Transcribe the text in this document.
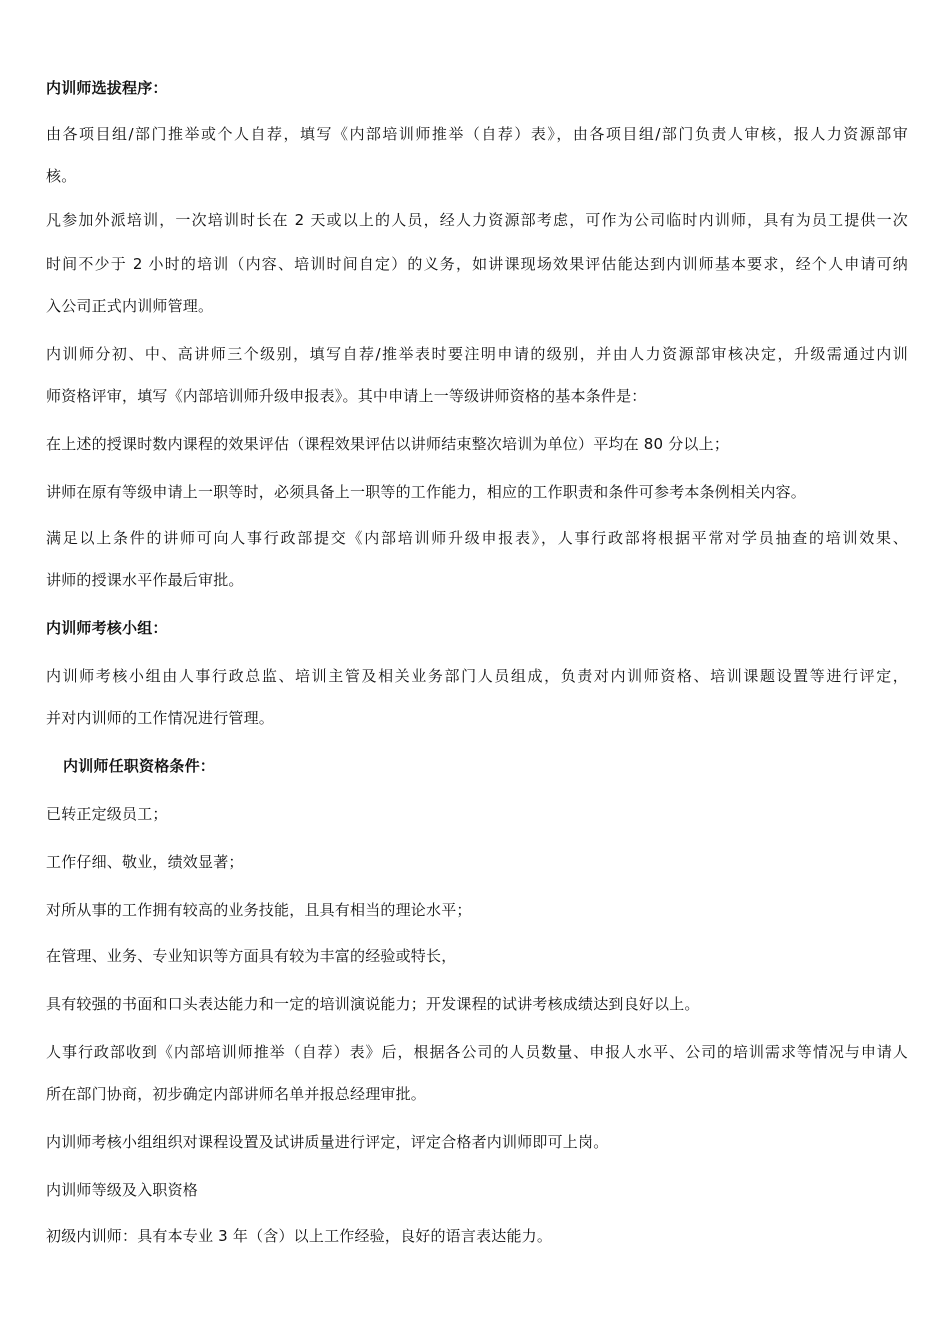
内训师选拔程序：
由各项目组/部门推举或个人自荐，填写《内部培训师推举（自荐）表》，由各项目组/部门负责人审核，报人力资源部审
核。
凡参加外派培训，一次培训时长在 2 天或以上的人员，经人力资源部考虑，可作为公司临时内训师，具有为员工提供一次
时间不少于 2 小时的培训（内容、培训时间自定）的义务，如讲课现场效果评估能达到内训师基本要求，经个人申请可纳
入公司正式内训师管理。
内训师分初、中、高讲师三个级别，填写自荐/推举表时要注明申请的级别，并由人力资源部审核决定，升级需通过内训
师资格评审，填写《内部培训师升级申报表》。其中申请上一等级讲师资格的基本条件是：
在上述的授课时数内课程的效果评估（课程效果评估以讲师结束整次培训为单位）平均在 80 分以上；
讲师在原有等级申请上一职等时，必须具备上一职等的工作能力，相应的工作职责和条件可参考本条例相关内容。
满足以上条件的讲师可向人事行政部提交《内部培训师升级申报表》，人事行政部将根据平常对学员抽查的培训效果、
讲师的授课水平作最后审批。
内训师考核小组：
内训师考核小组由人事行政总监、培训主管及相关业务部门人员组成，负责对内训师资格、培训课题设置等进行评定，
并对内训师的工作情况进行管理。
内训师任职资格条件：
已转正定级员工；
工作仔细、敬业，绩效显著；
对所从事的工作拥有较高的业务技能，且具有相当的理论水平；
在管理、业务、专业知识等方面具有较为丰富的经验或特长，
具有较强的书面和口头表达能力和一定的培训演说能力；开发课程的试讲考核成绩达到良好以上。
人事行政部收到《内部培训师推举（自荐）表》后，根据各公司的人员数量、申报人水平、公司的培训需求等情况与申请人
所在部门协商，初步确定内部讲师名单并报总经理审批。
内训师考核小组组织对课程设置及试讲质量进行评定，评定合格者内训师即可上岗。
内训师等级及入职资格
初级内训师：具有本专业 3 年（含）以上工作经验，良好的语言表达能力。
